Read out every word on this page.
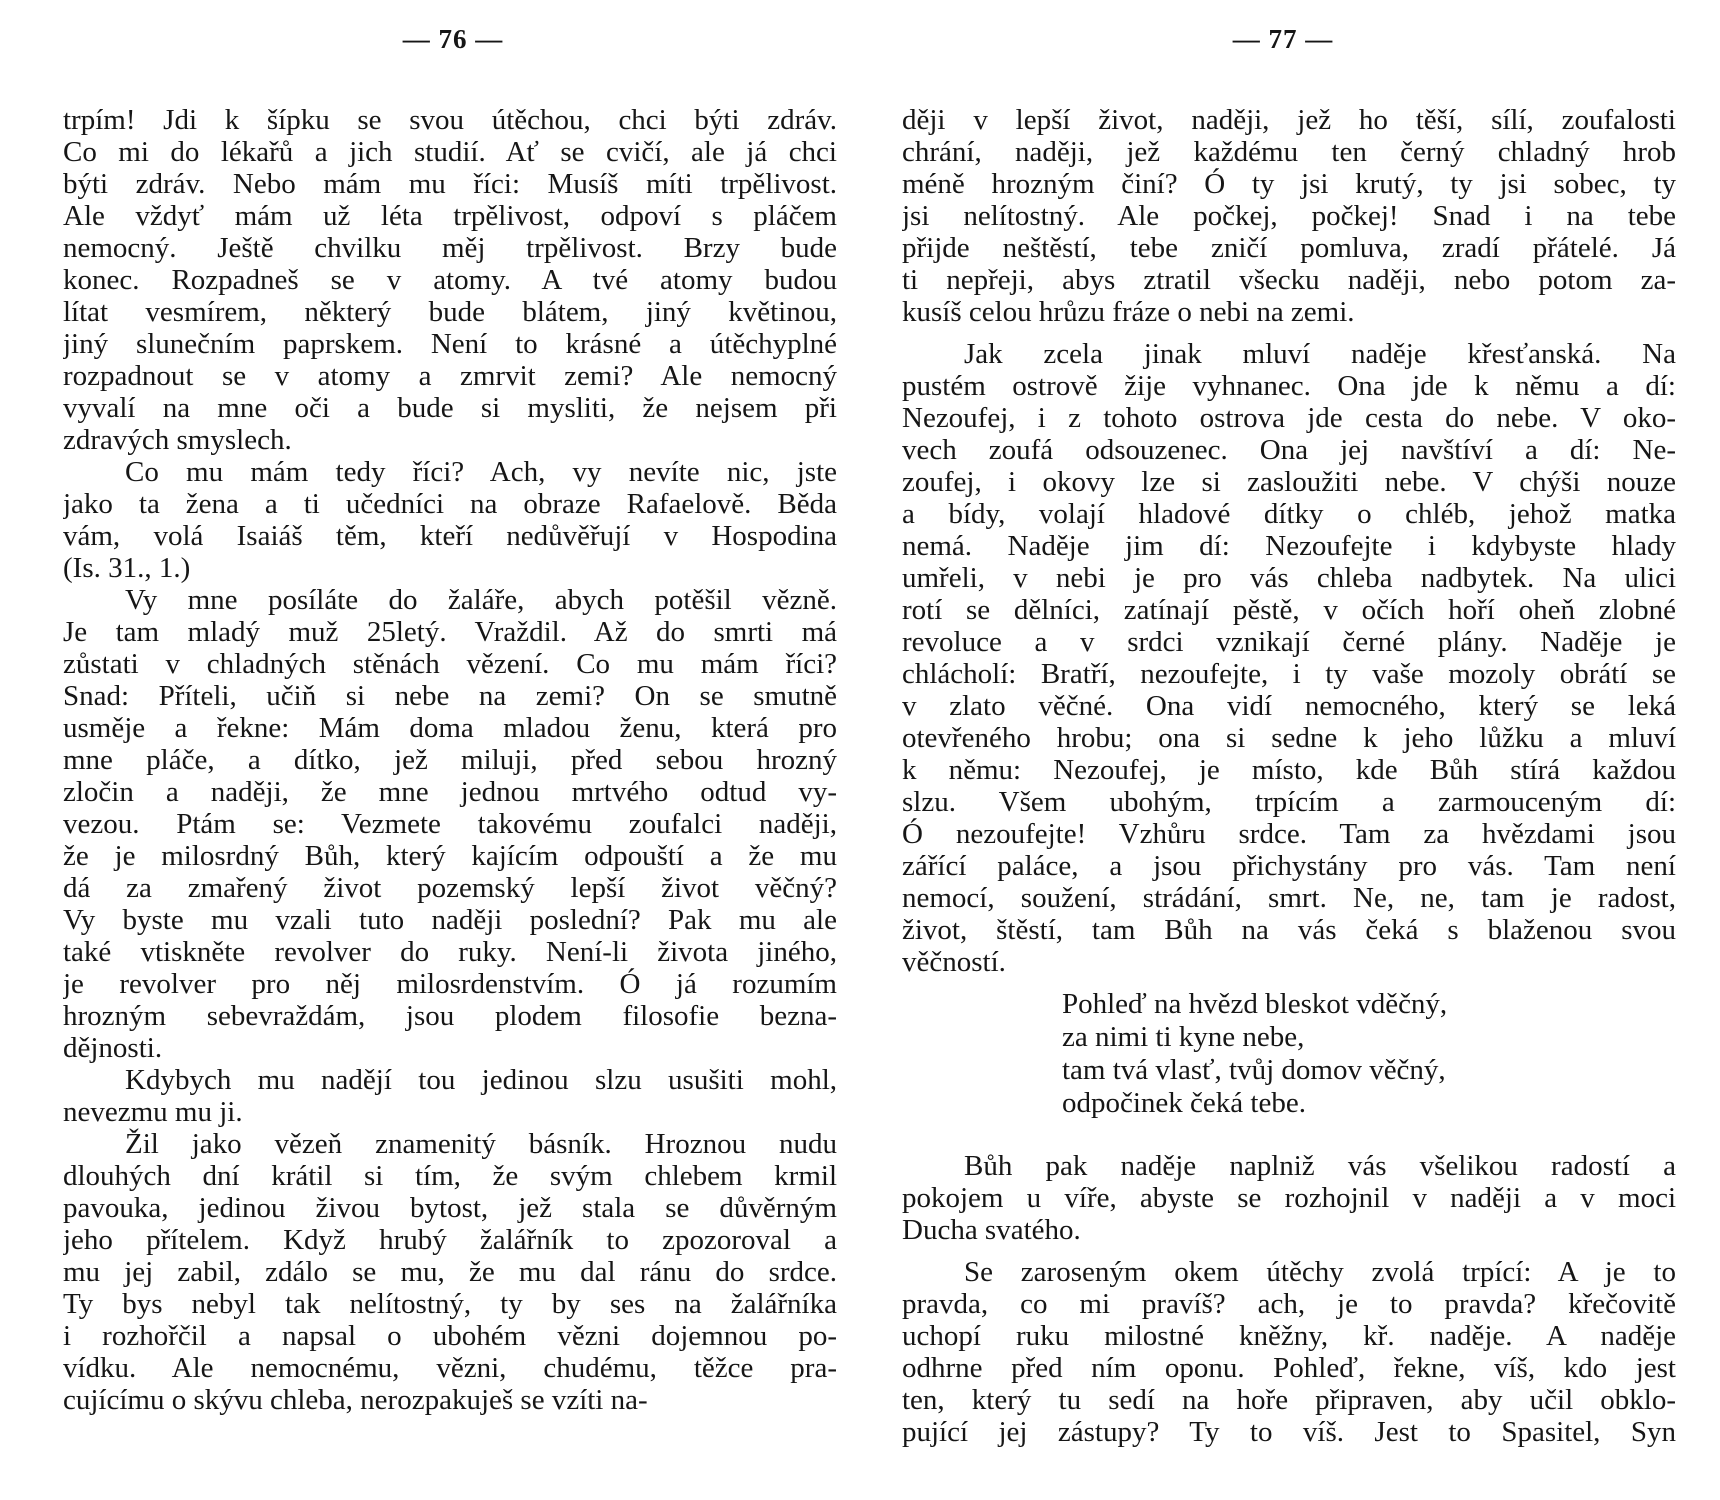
— 76 —	— 77 —
trpím! Jdi k šípku se svou útěchou, chci býti zdráv.
Co mi do lékařů a jich studií. Ať se cvičí, ale já chci
býti zdráv. Nebo mám mu říci: Musíš míti trpělivost.
Ale vždyť mám už léta trpělivost, odpoví s pláčem
nemocný. Ještě chvilku měj trpělivost. Brzy bude
konec. Rozpadneš se v atomy. A tvé atomy budou
lítat vesmírem, některý bude blátem, jiný květinou,
jiný slunečním paprskem. Není to krásné a útěchyplné
rozpadnout se v atomy a zmrvit zemi? Ale nemocný
vyvalí na mne oči a bude si mysliti, že nejsem při
zdravých smyslech.
Co mu mám tedy říci? Ach, vy nevíte nic, jste
jako ta žena a ti učedníci na obraze Rafaelově. Běda
vám, volá Isaiáš těm, kteří nedůvěřují v Hospodina
(Is. 31., 1.)
Vy mne posíláte do žaláře, abych potěšil vězně.
Je tam mladý muž 25letý. Vraždil. Až do smrti má
zůstati v chladných stěnách vězení. Co mu mám říci?
Snad: Příteli, učiň si nebe na zemi? On se smutně
usměje a řekne: Mám doma mladou ženu, která pro
mne pláče, a dítko, jež miluji, před sebou hrozný
zločin a naději, že mne jednou mrtvého odtud vy-
vezou. Ptám se: Vezmete takovému zoufalci naději,
že je milosrdný Bůh, který kajícím odpouští a že mu
dá za zmařený život pozemský lepší život věčný?
Vy byste mu vzali tuto naději poslední? Pak mu ale
také vtiskněte revolver do ruky. Není-li života jiného,
je revolver pro něj milosrdenstvím. Ó já rozumím
hrozným sebevraždám, jsou plodem filosofie bezna-
dějnosti.
Kdybych mu nadějí tou jedinou slzu usušiti mohl,
nevezmu mu ji.
Žil jako vězeň znamenitý básník. Hroznou nudu
dlouhých dní krátil si tím, že svým chlebem krmil
pavouka, jedinou živou bytost, jež stala se důvěrným
jeho přítelem. Když hrubý žalářník to zpozoroval a
mu jej zabil, zdálo se mu, že mu dal ránu do srdce.
Ty bys nebyl tak nelítostný, ty by ses na žalářníka
i rozhořčil a napsal o ubohém vězni dojemnou po-
vídku. Ale nemocnému, vězni, chudému, těžce pra-
cujícímu o skývu chleba, nerozpakuješ se vzíti na-
ději v lepší život, naději, jež ho těší, sílí, zoufalosti
chrání, naději, jež každému ten černý chladný hrob
méně hrozným činí? Ó ty jsi krutý, ty jsi sobec, ty
jsi nelítostný. Ale počkej, počkej! Snad i na tebe
přijde neštěstí, tebe zničí pomluva, zradí přátelé. Já
ti nepřeji, abys ztratil všecku naději, nebo potom za-
kusíš celou hrůzu fráze o nebi na zemi.
Jak zcela jinak mluví naděje křesťanská. Na
pustém ostrově žije vyhnanec. Ona jde k němu a dí:
Nezoufej, i z tohoto ostrova jde cesta do nebe. V oko-
vech zoufá odsouzenec. Ona jej navštíví a dí: Ne-
zoufej, i okovy lze si zasloužiti nebe. V chýši nouze
a bídy, volají hladové dítky o chléb, jehož matka
nemá. Naděje jim dí: Nezoufejte i kdybyste hlady
umřeli, v nebi je pro vás chleba nadbytek. Na ulici
rotí se dělníci, zatínají pěstě, v očích hoří oheň zlobné
revoluce a v srdci vznikají černé plány. Naděje je
chlácholí: Bratří, nezoufejte, i ty vaše mozoly obrátí se
v zlato věčné. Ona vidí nemocného, který se leká
otevřeného hrobu; ona si sedne k jeho lůžku a mluví
k němu: Nezoufej, je místo, kde Bůh stírá každou
slzu. Všem ubohým, trpícím a zarmouceným dí:
Ó nezoufejte! Vzhůru srdce. Tam za hvězdami jsou
zářící paláce, a jsou přichystány pro vás. Tam není
nemocí, soužení, strádání, smrt. Ne, ne, tam je radost,
život, štěstí, tam Bůh na vás čeká s blaženou svou
věčností.
Pohleď na hvězd bleskot vděčný,
za nimi ti kyne nebe,
tam tvá vlasť, tvůj domov věčný,
odpočinek čeká tebe.
Bůh pak naděje naplniž vás všelikou radostí a
pokojem u víře, abyste se rozhojnil v naději a v moci
Ducha svatého.
Se zaroseným okem útěchy zvolá trpící: A je to
pravda, co mi pravíš? ach, je to pravda? křečovitě
uchopí ruku milostné kněžny, kř. naděje. A naděje
odhrne před ním oponu. Pohleď, řekne, víš, kdo jest
ten, který tu sedí na hoře připraven, aby učil obklo-
pující jej zástupy? Ty to víš. Jest to Spasitel, Syn
